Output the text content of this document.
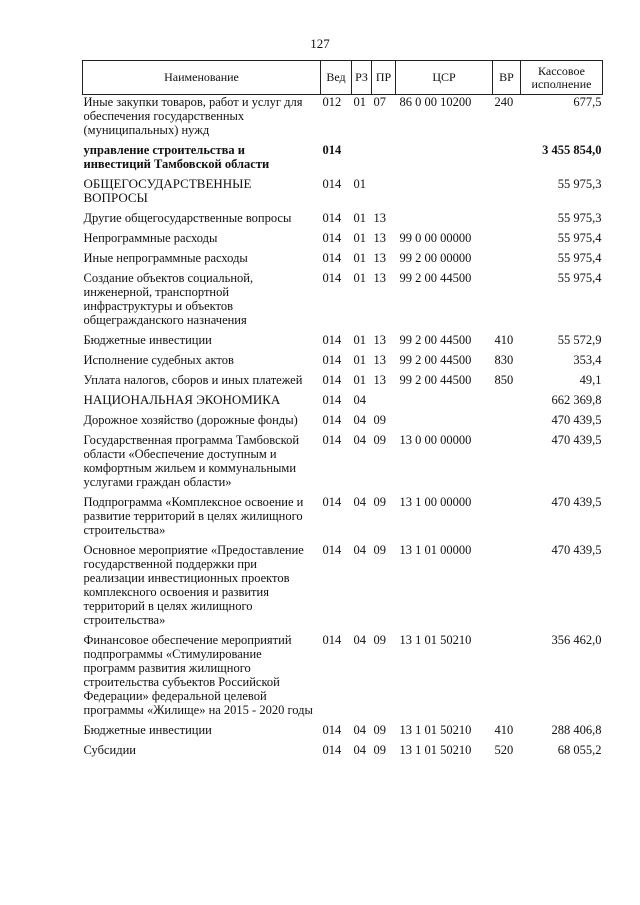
127
Наименование	Вед	РЗ	ПР	ЦСР	ВР	Кассовое исполнение
Иные закупки товаров, работ и услуг для обеспечения государственных (муниципальных) нужд	012	01	07	86 0 00 10200	240	677,5
управление строительства и инвестиций Тамбовской области	014					3 455 854,0
ОБЩЕГОСУДАРСТВЕННЫЕ ВОПРОСЫ	014	01				55 975,3
Другие общегосударственные вопросы	014	01	13			55 975,3
Непрограммные расходы	014	01	13	99 0 00 00000		55 975,4
Иные непрограммные расходы	014	01	13	99 2 00 00000		55 975,4
Создание объектов социальной, инженерной, транспортной инфраструктуры и объектов общегражданского назначения	014	01	13	99 2 00 44500		55 975,4
Бюджетные инвестиции	014	01	13	99 2 00 44500	410	55 572,9
Исполнение судебных актов	014	01	13	99 2 00 44500	830	353,4
Уплата налогов, сборов и иных платежей	014	01	13	99 2 00 44500	850	49,1
НАЦИОНАЛЬНАЯ ЭКОНОМИКА	014	04				662 369,8
Дорожное хозяйство (дорожные фонды)	014	04	09			470 439,5
Государственная программа Тамбовской области «Обеспечение доступным и комфортным жильем и коммунальными услугами граждан области»	014	04	09	13 0 00 00000		470 439,5
Подпрограмма «Комплексное освоение и развитие территорий в целях жилищного строительства»	014	04	09	13 1 00 00000		470 439,5
Основное мероприятие «Предоставление государственной поддержки при реализации инвестиционных проектов комплексного освоения и развития территорий в целях жилищного строительства»	014	04	09	13 1 01 00000		470 439,5
Финансовое обеспечение мероприятий подпрограммы «Стимулирование программ развития жилищного строительства субъектов Российской Федерации» федеральной целевой программы «Жилище» на 2015 - 2020 годы	014	04	09	13 1 01 50210		356 462,0
Бюджетные инвестиции	014	04	09	13 1 01 50210	410	288 406,8
Субсидии	014	04	09	13 1 01 50210	520	68 055,2
